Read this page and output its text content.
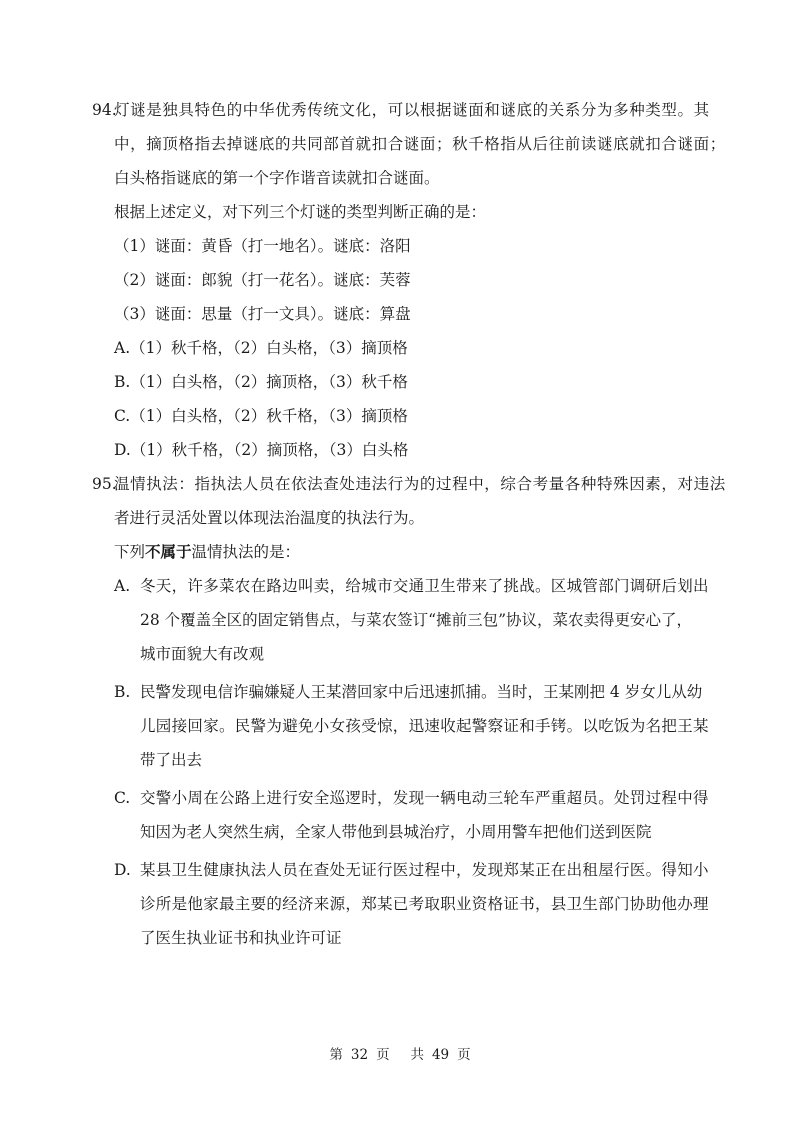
94.
灯谜是独具特色的中华优秀传统文化，可以根据谜面和谜底的关系分为多种类型。其
中，摘顶格指去掉谜底的共同部首就扣合谜面；秋千格指从后往前读谜底就扣合谜面；
白头格指谜底的第一个字作谐音读就扣合谜面。
根据上述定义，对下列三个灯谜的类型判断正确的是：
（1）谜面：黄昏（打一地名）。谜底：洛阳
（2）谜面：郎貌（打一花名）。谜底：芙蓉
（3）谜面：思量（打一文具）。谜底：算盘
A.（1）秋千格，（2）白头格，（3）摘顶格
B.（1）白头格，（2）摘顶格，（3）秋千格
C.（1）白头格，（2）秋千格，（3）摘顶格
D.（1）秋千格，（2）摘顶格，（3）白头格
95.
温情执法：指执法人员在依法查处违法行为的过程中，综合考量各种特殊因素，对违法
者进行灵活处置以体现法治温度的执法行为。
下列不属于温情执法的是：
A. 冬天，许多菜农在路边叫卖，给城市交通卫生带来了挑战。区城管部门调研后划出
28 个覆盖全区的固定销售点，与菜农签订“摊前三包”协议，菜农卖得更安心了，
城市面貌大有改观
B. 民警发现电信诈骗嫌疑人王某潜回家中后迅速抓捕。当时，王某刚把 4 岁女儿从幼
儿园接回家。民警为避免小女孩受惊，迅速收起警察证和手铐。以吃饭为名把王某
带了出去
C. 交警小周在公路上进行安全巡逻时，发现一辆电动三轮车严重超员。处罚过程中得
知因为老人突然生病，全家人带他到县城治疗，小周用警车把他们送到医院
D. 某县卫生健康执法人员在查处无证行医过程中，发现郑某正在出租屋行医。得知小
诊所是他家最主要的经济来源，郑某已考取职业资格证书，县卫生部门协助他办理
了医生执业证书和执业许可证
第 32 页 共 49 页
